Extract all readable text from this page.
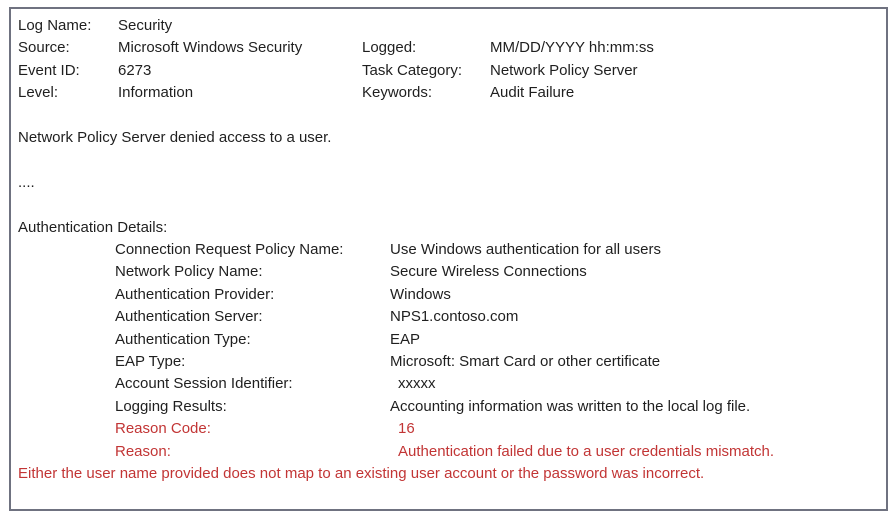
Log Name: Security
Source:	Microsoft Windows Security	Logged:	MM/DD/YYYY hh:mm:ss
Event ID:	6273	Task Category: Network Policy Server
Level:	Information	Keywords:	Audit Failure
Network Policy Server denied access to a user.
....
Authentication Details:
Connection Request Policy Name:	Use Windows authentication for all users
Network Policy Name:	Secure Wireless Connections
Authentication Provider:	Windows
Authentication Server:	NPS1.contoso.com
Authentication Type:	EAP
EAP Type:	Microsoft: Smart Card or other certificate
Account Session Identifier:	xxxxx
Logging Results:	Accounting information was written to the local log file.
Reason Code:	16
Reason:	Authentication failed due to a user credentials mismatch.
Either the user name provided does not map to an existing user account or the password was incorrect.
